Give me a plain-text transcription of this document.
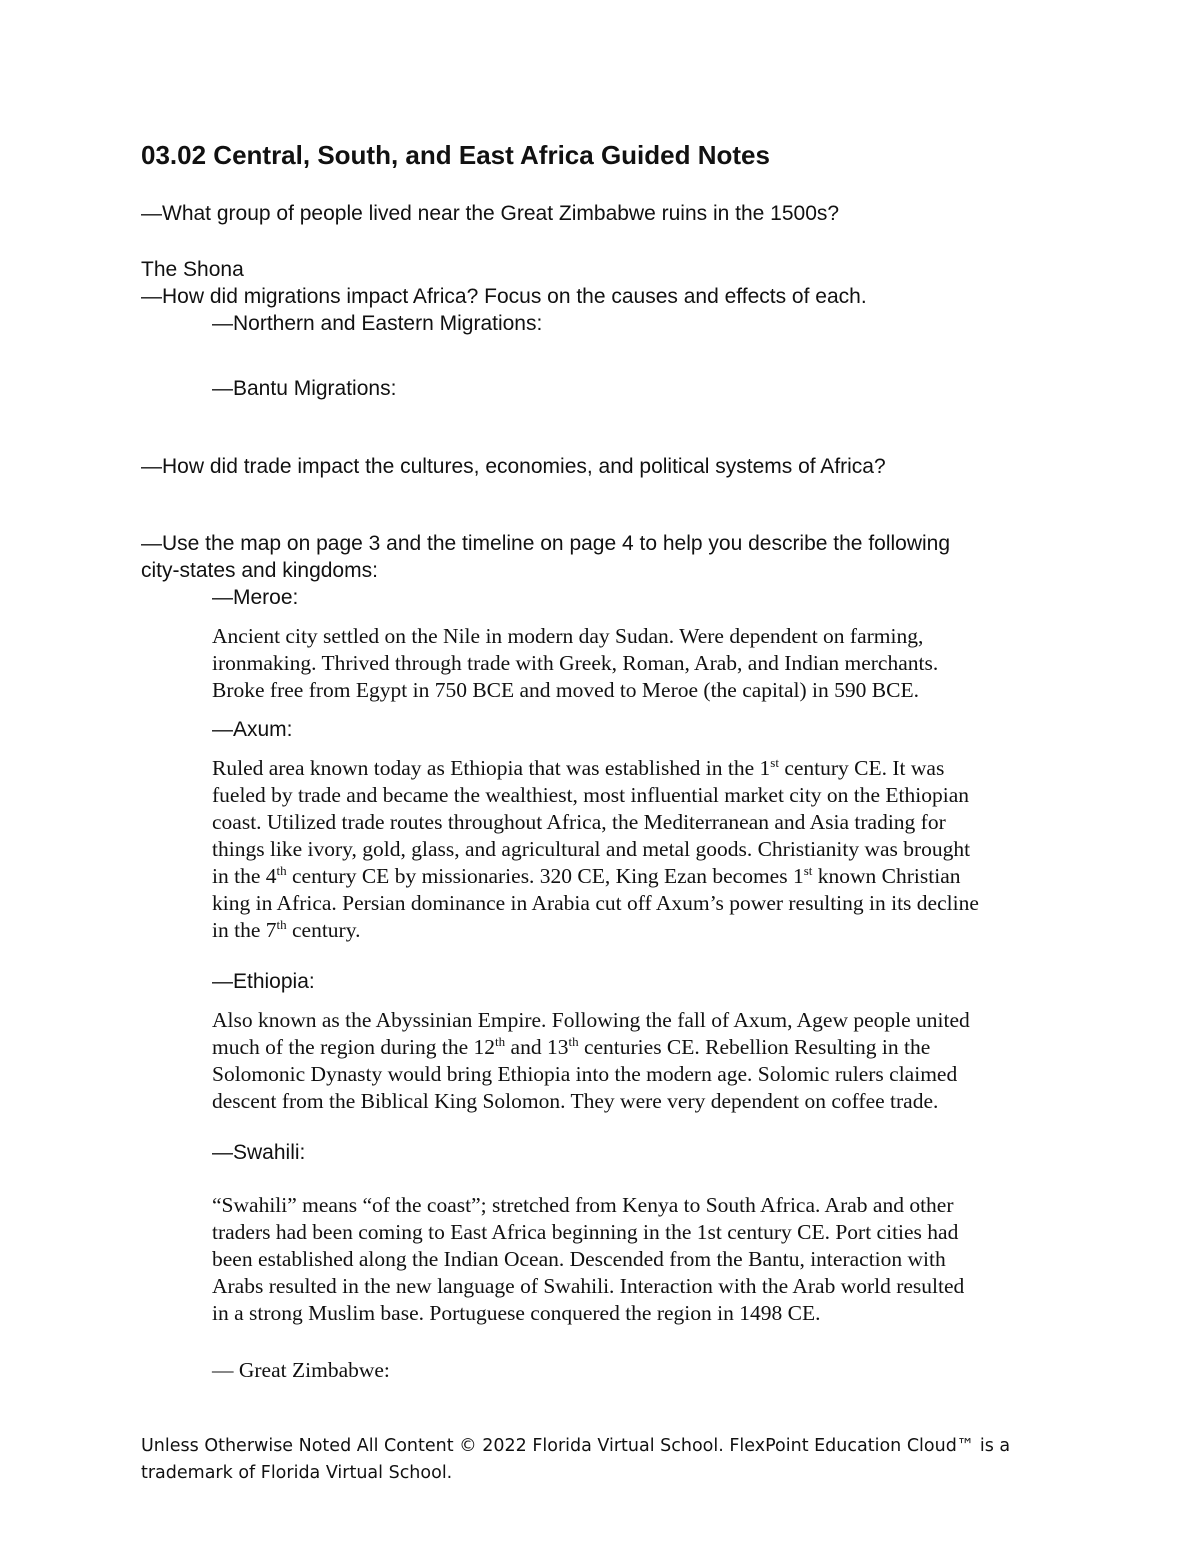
03.02 Central, South, and East Africa Guided Notes
—What group of people lived near the Great Zimbabwe ruins in the 1500s?
The Shona
—How did migrations impact Africa? Focus on the causes and effects of each.
—Northern and Eastern Migrations:
—Bantu Migrations:
—How did trade impact the cultures, economies, and political systems of Africa?
—Use the map on page 3 and the timeline on page 4 to help you describe the following
city-states and kingdoms:
—Meroe:
Ancient city settled on the Nile in modern day Sudan. Were dependent on farming,
ironmaking. Thrived through trade with Greek, Roman, Arab, and Indian merchants.
Broke free from Egypt in 750 BCE and moved to Meroe (the capital) in 590 BCE.
—Axum:
Ruled area known today as Ethiopia that was established in the 1st century CE. It was
fueled by trade and became the wealthiest, most influential market city on the Ethiopian
coast. Utilized trade routes throughout Africa, the Mediterranean and Asia trading for
things like ivory, gold, glass, and agricultural and metal goods. Christianity was brought
in the 4th century CE by missionaries. 320 CE, King Ezan becomes 1st known Christian
king in Africa. Persian dominance in Arabia cut off Axum’s power resulting in its decline
in the 7th century.
—Ethiopia:
Also known as the Abyssinian Empire. Following the fall of Axum, Agew people united
much of the region during the 12th and 13th centuries CE. Rebellion Resulting in the
Solomonic Dynasty would bring Ethiopia into the modern age. Solomic rulers claimed
descent from the Biblical King Solomon. They were very dependent on coffee trade.
—Swahili:
“Swahili” means “of the coast”; stretched from Kenya to South Africa. Arab and other
traders had been coming to East Africa beginning in the 1st century CE. Port cities had
been established along the Indian Ocean. Descended from the Bantu, interaction with
Arabs resulted in the new language of Swahili. Interaction with the Arab world resulted
in a strong Muslim base. Portuguese conquered the region in 1498 CE.
— Great Zimbabwe:
Unless Otherwise Noted All Content © 2022 Florida Virtual School. FlexPoint Education Cloud™ is a
trademark of Florida Virtual School.
